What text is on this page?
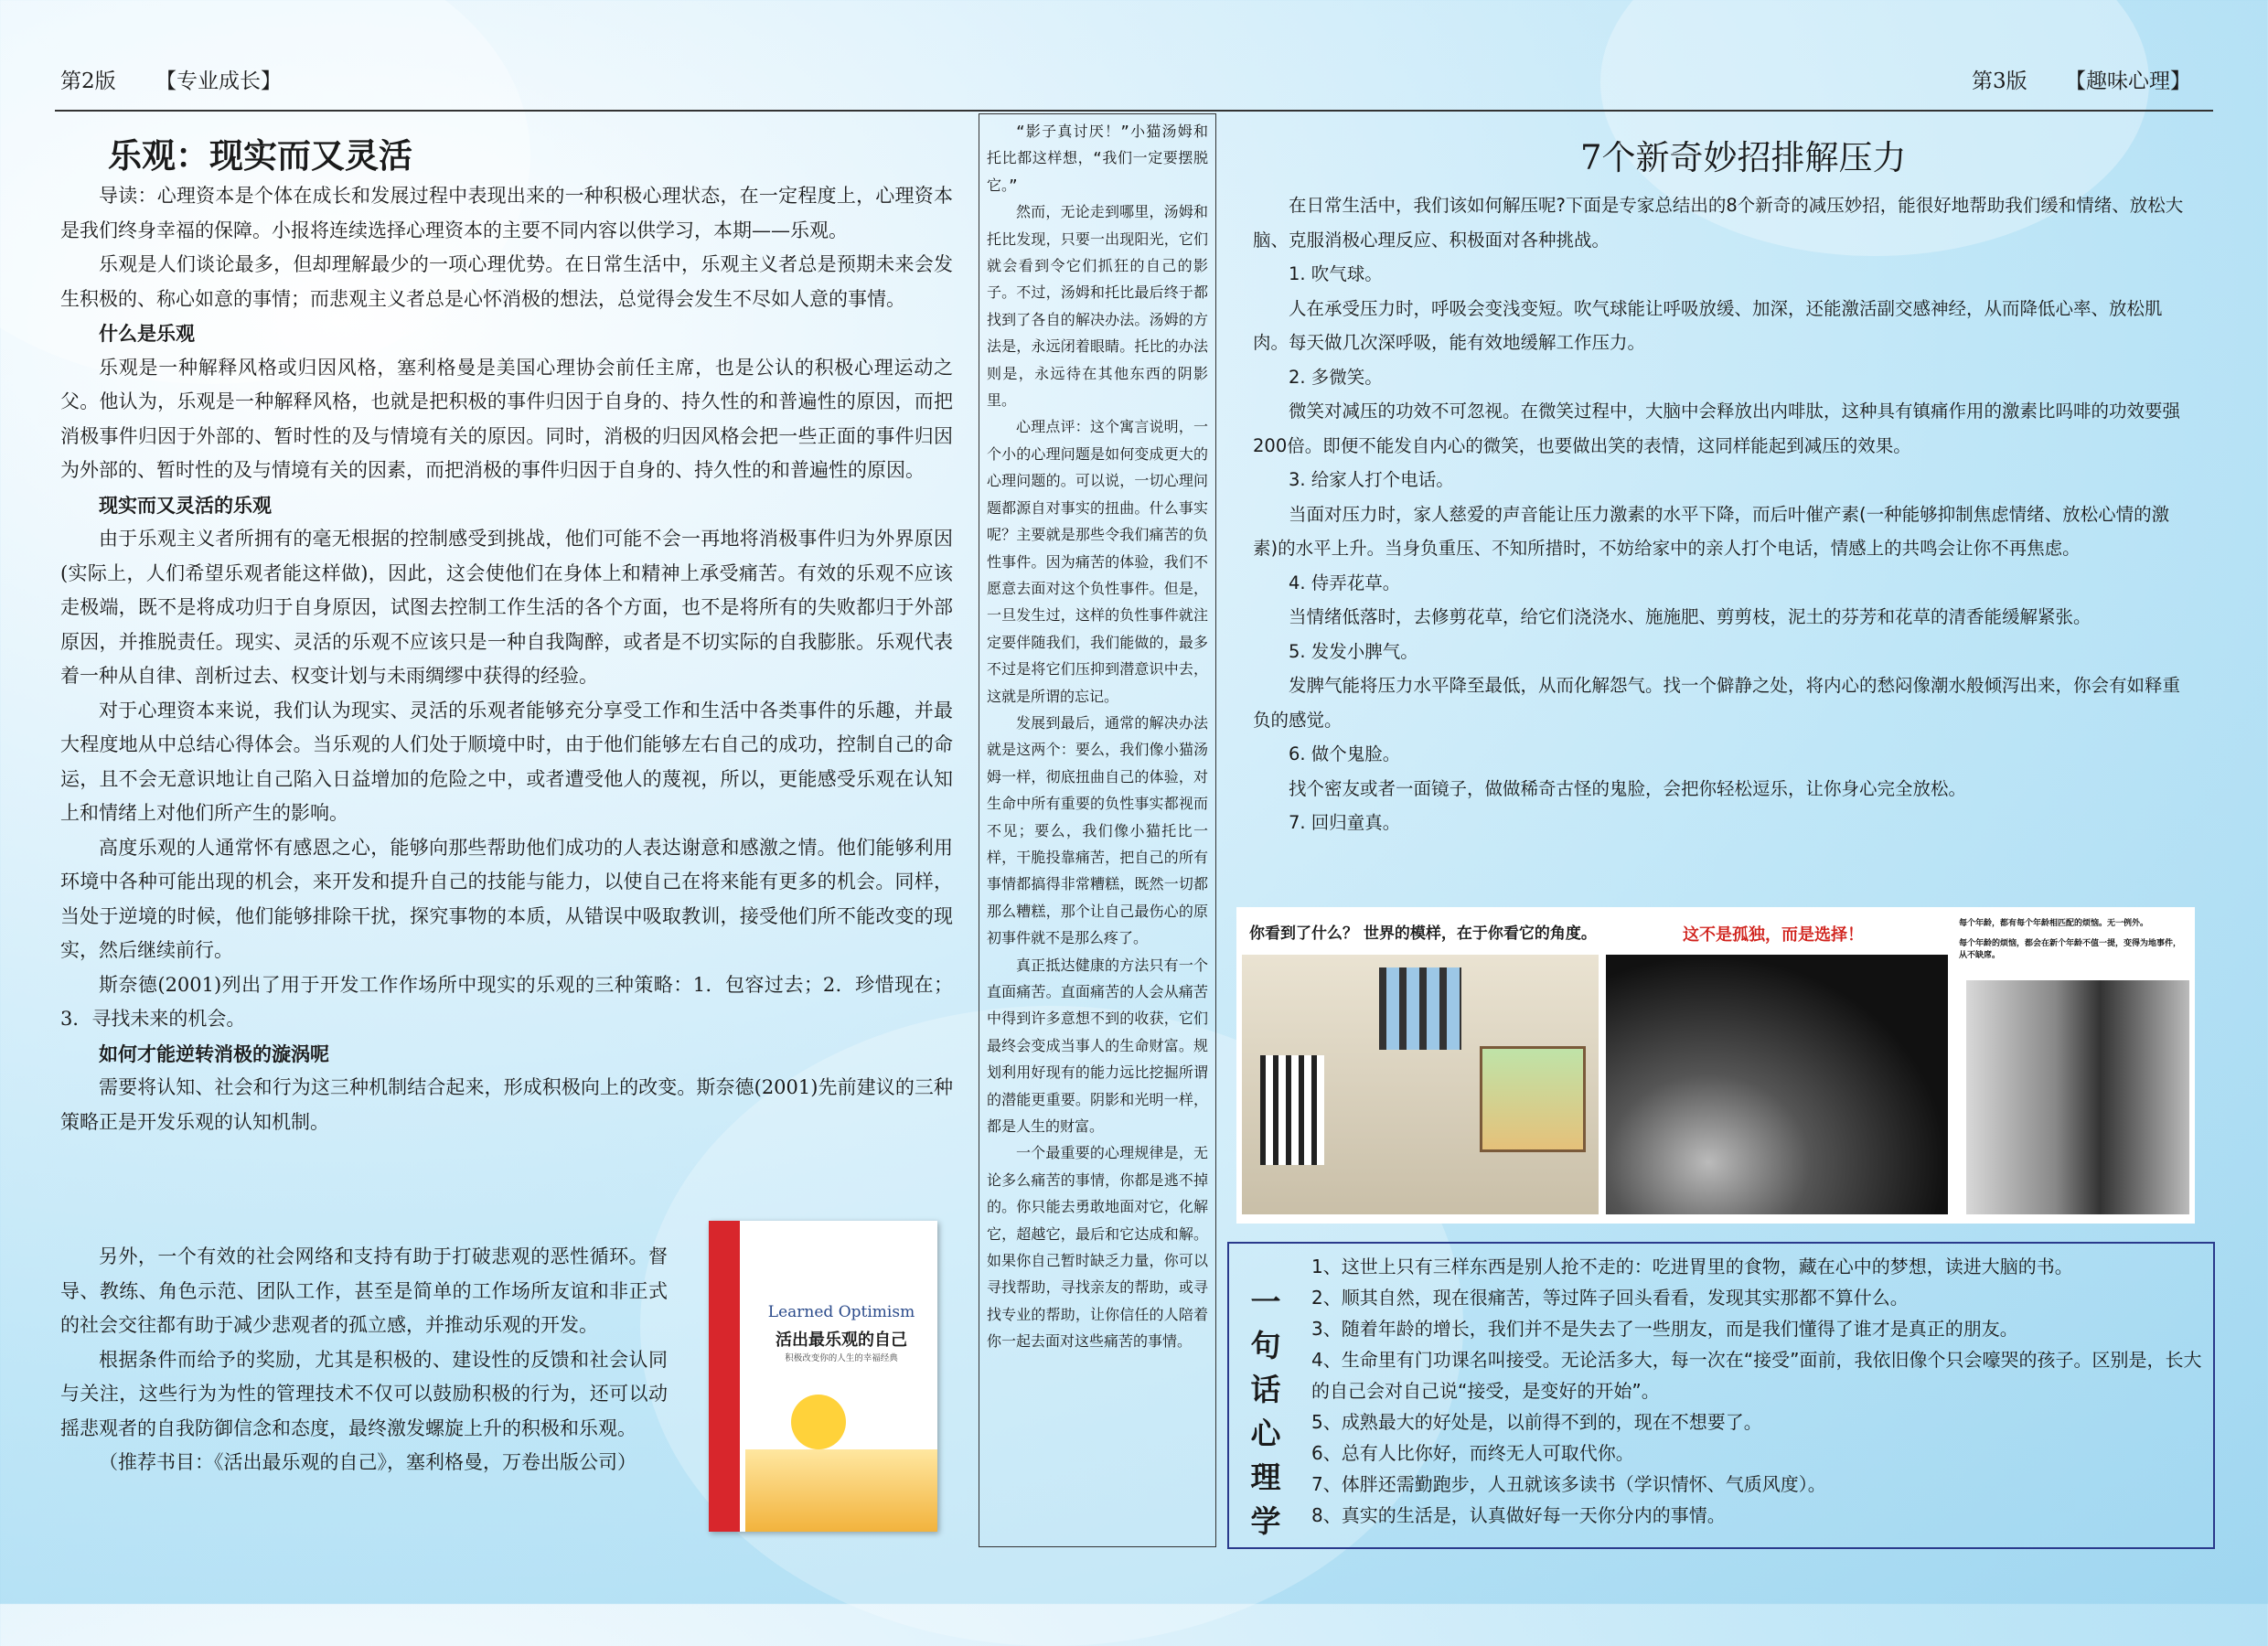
第2版 【专业成长】	第3版 【趣味心理】
乐观：现实而又灵活

导读：心理资本是个体在成长和发展过程中表现出来的一种积极心理状态，在一定程度上，心理资本是我们终身幸福的保障。小报将连续选择心理资本的主要不同内容以供学习，本期——乐观。

乐观是人们谈论最多，但却理解最少的一项心理优势。在日常生活中，乐观主义者总是预期未来会发生积极的、称心如意的事情；而悲观主义者总是心怀消极的想法，总觉得会发生不尽如人意的事情。

什么是乐观

乐观是一种解释风格或归因风格，塞利格曼是美国心理协会前任主席，也是公认的积极心理运动之父。他认为，乐观是一种解释风格，也就是把积极的事件归因于自身的、持久性的和普遍性的原因，而把消极事件归因于外部的、暂时性的及与情境有关的原因。同时，消极的归因风格会把一些正面的事件归因为外部的、暂时性的及与情境有关的因素，而把消极的事件归因于自身的、持久性的和普遍性的原因。

现实而又灵活的乐观

由于乐观主义者所拥有的毫无根据的控制感受到挑战，他们可能不会一再地将消极事件归为外界原因(实际上，人们希望乐观者能这样做)，因此，这会使他们在身体上和精神上承受痛苦。有效的乐观不应该走极端，既不是将成功归于自身原因，试图去控制工作生活的各个方面，也不是将所有的失败都归于外部原因，并推脱责任。现实、灵活的乐观不应该只是一种自我陶醉，或者是不切实际的自我膨胀。乐观代表着一种从自律、剖析过去、权变计划与未雨绸缪中获得的经验。

对于心理资本来说，我们认为现实、灵活的乐观者能够充分享受工作和生活中各类事件的乐趣，并最大程度地从中总结心得体会。当乐观的人们处于顺境中时，由于他们能够左右自己的成功，控制自己的命运，且不会无意识地让自己陷入日益增加的危险之中，或者遭受他人的蔑视，所以，更能感受乐观在认知上和情绪上对他们所产生的影响。

高度乐观的人通常怀有感恩之心，能够向那些帮助他们成功的人表达谢意和感激之情。他们能够利用环境中各种可能出现的机会，来开发和提升自己的技能与能力，以使自己在将来能有更多的机会。同样，当处于逆境的时候，他们能够排除干扰，探究事物的本质，从错误中吸取教训，接受他们所不能改变的现实，然后继续前行。

斯奈德(2001)列出了用于开发工作作场所中现实的乐观的三种策略：1．包容过去；2．珍惜现在；3．寻找未来的机会。

如何才能逆转消极的漩涡呢

需要将认知、社会和行为这三种机制结合起来，形成积极向上的改变。斯奈德(2001)先前建议的三种策略正是开发乐观的认知机制。

另外，一个有效的社会网络和支持有助于打破悲观的恶性循环。督导、教练、角色示范、团队工作，甚至是简单的工作场所友谊和非正式的社会交往都有助于减少悲观者的孤立感，并推动乐观的开发。

根据条件而给予的奖励，尤其是积极的、建设性的反馈和社会认同与关注，这些行为为性的管理技术不仅可以鼓励积极的行为，还可以动摇悲观者的自我防御信念和态度，最终激发螺旋上升的积极和乐观。

（推荐书目：《活出最乐观的自己》，塞利格曼，万卷出版公司）

Learned Optimism
活出最乐观的自己
积极改变你的人生的幸福经典

“影子真讨厌！”小猫汤姆和托比都这样想，“我们一定要摆脱它。”

然而，无论走到哪里，汤姆和托比发现，只要一出现阳光，它们就会看到令它们抓狂的自己的影子。不过，汤姆和托比最后终于都找到了各自的解决办法。汤姆的方法是，永远闭着眼睛。托比的办法则是，永远待在其他东西的阴影里。

心理点评：这个寓言说明，一个小的心理问题是如何变成更大的心理问题的。可以说，一切心理问题都源自对事实的扭曲。什么事实呢？主要就是那些令我们痛苦的负性事件。因为痛苦的体验，我们不愿意去面对这个负性事件。但是，一旦发生过，这样的负性事件就注定要伴随我们，我们能做的，最多不过是将它们压抑到潜意识中去，这就是所谓的忘记。

发展到最后，通常的解决办法就是这两个：要么，我们像小猫汤姆一样，彻底扭曲自己的体验，对生命中所有重要的负性事实都视而不见；要么，我们像小猫托比一样，干脆投靠痛苦，把自己的所有事情都搞得非常糟糕，既然一切都那么糟糕，那个让自己最伤心的原初事件就不是那么疼了。

真正抵达健康的方法只有一个直面痛苦。直面痛苦的人会从痛苦中得到许多意想不到的收获，它们最终会变成当事人的生命财富。规划利用好现有的能力远比挖掘所谓的潜能更重要。阴影和光明一样，都是人生的财富。

一个最重要的心理规律是，无论多么痛苦的事情，你都是逃不掉的。你只能去勇敢地面对它，化解它，超越它，最后和它达成和解。如果你自己暂时缺乏力量，你可以寻找帮助，寻找亲友的帮助，或寻找专业的帮助，让你信任的人陪着你一起去面对这些痛苦的事情。

7个新奇妙招排解压力

在日常生活中，我们该如何解压呢?下面是专家总结出的8个新奇的减压妙招，能很好地帮助我们缓和情绪、放松大脑、克服消极心理反应、积极面对各种挑战。

1. 吹气球。

人在承受压力时，呼吸会变浅变短。吹气球能让呼吸放缓、加深，还能激活副交感神经，从而降低心率、放松肌肉。每天做几次深呼吸，能有效地缓解工作压力。

2. 多微笑。

微笑对减压的功效不可忽视。在微笑过程中，大脑中会释放出内啡肽，这种具有镇痛作用的激素比吗啡的功效要强200倍。即便不能发自内心的微笑，也要做出笑的表情，这同样能起到减压的效果。

3. 给家人打个电话。

当面对压力时，家人慈爱的声音能让压力激素的水平下降，而后叶催产素(一种能够抑制焦虑情绪、放松心情的激素)的水平上升。当身负重压、不知所措时，不妨给家中的亲人打个电话，情感上的共鸣会让你不再焦虑。

4. 侍弄花草。

当情绪低落时，去修剪花草，给它们浇浇水、施施肥、剪剪枝，泥土的芬芳和花草的清香能缓解紧张。

5. 发发小脾气。

发脾气能将压力水平降至最低，从而化解怨气。找一个僻静之处，将内心的愁闷像潮水般倾泻出来，你会有如释重负的感觉。

6. 做个鬼脸。

找个密友或者一面镜子，做做稀奇古怪的鬼脸，会把你轻松逗乐，让你身心完全放松。

7. 回归童真。

你看到了什么？ 世界的模样，在于你看它的角度。	这不是孤独，而是选择！
每个年龄，都有每个年龄相匹配的烦恼。无一例外。
每个年龄的烦恼，都会在新个年龄不值一提，变得为地事件，从不缺席。
一
句
话
心
理
学
1、这世上只有三样东西是别人抢不走的：吃进胃里的食物，藏在心中的梦想，读进大脑的书。
2、顺其自然，现在很痛苦，等过阵子回头看看，发现其实那都不算什么。
3、随着年龄的增长，我们并不是失去了一些朋友，而是我们懂得了谁才是真正的朋友。
4、生命里有门功课名叫接受。无论活多大，每一次在“接受”面前，我依旧像个只会嚎哭的孩子。区别是，长大的自己会对自己说“接受，是变好的开始”。
5、成熟最大的好处是，以前得不到的，现在不想要了。
6、总有人比你好，而终无人可取代你。
7、体胖还需勤跑步，人丑就该多读书（学识情怀、气质风度）。
8、真实的生活是，认真做好每一天你分内的事情。
